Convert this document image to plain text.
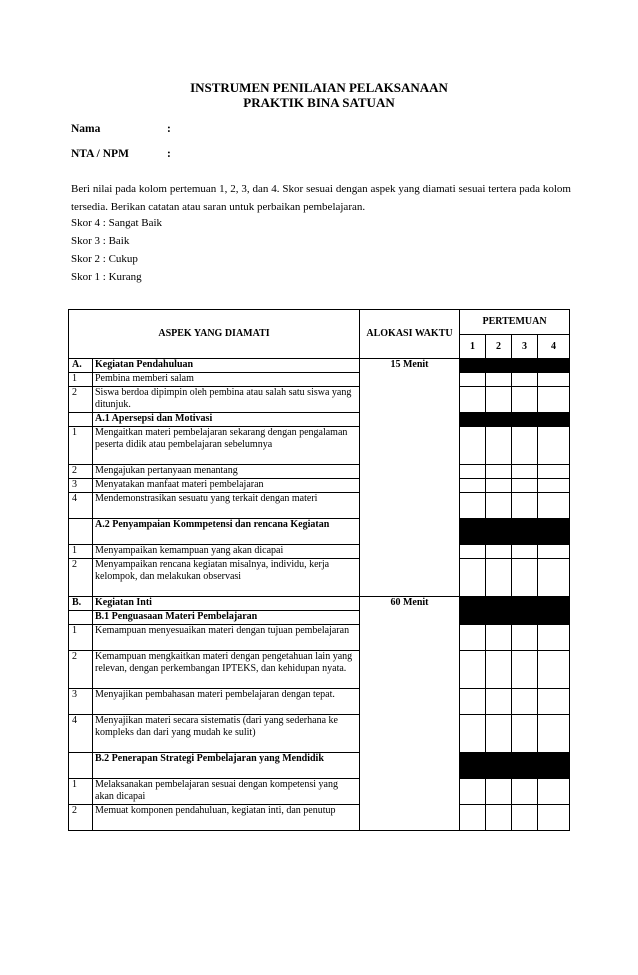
INSTRUMEN PENILAIAN PELAKSANAAN
PRAKTIK BINA SATUAN
Nama	:
NTA / NPM	:
Beri nilai pada kolom pertemuan 1, 2, 3, dan 4. Skor sesuai dengan aspek yang diamati sesuai tertera pada kolom tersedia. Berikan catatan atau saran untuk perbaikan pembelajaran.
Skor 4 : Sangat Baik
Skor 3 : Baik
Skor 2 : Cukup
Skor 1 : Kurang
ASPEK YANG DIAMATI		ALOKASI WAKTU	PERTEMUAN			
			1	2	3	4
A.	Kegiatan Pendahuluan	15 Menit				
1	Pembina memberi salam					
2	Siswa berdoa dipimpin oleh pembina atau salah satu siswa yang ditunjuk.					
	A.1 Apersepsi dan Motivasi					
1	Mengaitkan materi pembelajaran sekarang dengan pengalaman peserta didik atau pembelajaran sebelumnya					
2	Mengajukan pertanyaan menantang					
3	Menyatakan manfaat materi pembelajaran					
4	Mendemonstrasikan sesuatu yang terkait dengan materi					
	A.2 Penyampaian Kommpetensi dan rencana Kegiatan					
1	Menyampaikan kemampuan yang akan dicapai					
2	Menyampaikan rencana kegiatan misalnya, individu, kerja kelompok, dan melakukan observasi					
B.	Kegiatan Inti	60 Menit				
	B.1 Penguasaan Materi Pembelajaran					
1	Kemampuan menyesuaikan materi dengan tujuan pembelajaran					
2	Kemampuan mengkaitkan materi dengan pengetahuan lain yang relevan, dengan perkembangan IPTEKS, dan kehidupan nyata.					
3	Menyajikan pembahasan materi pembelajaran dengan tepat.					
4	Menyajikan materi secara sistematis (dari yang sederhana ke kompleks dan dari yang mudah ke sulit)					
	B.2 Penerapan Strategi Pembelajaran yang Mendidik					
1	Melaksanakan pembelajaran sesuai dengan kompetensi yang akan dicapai					
2	Memuat komponen pendahuluan, kegiatan inti, dan penutup					
